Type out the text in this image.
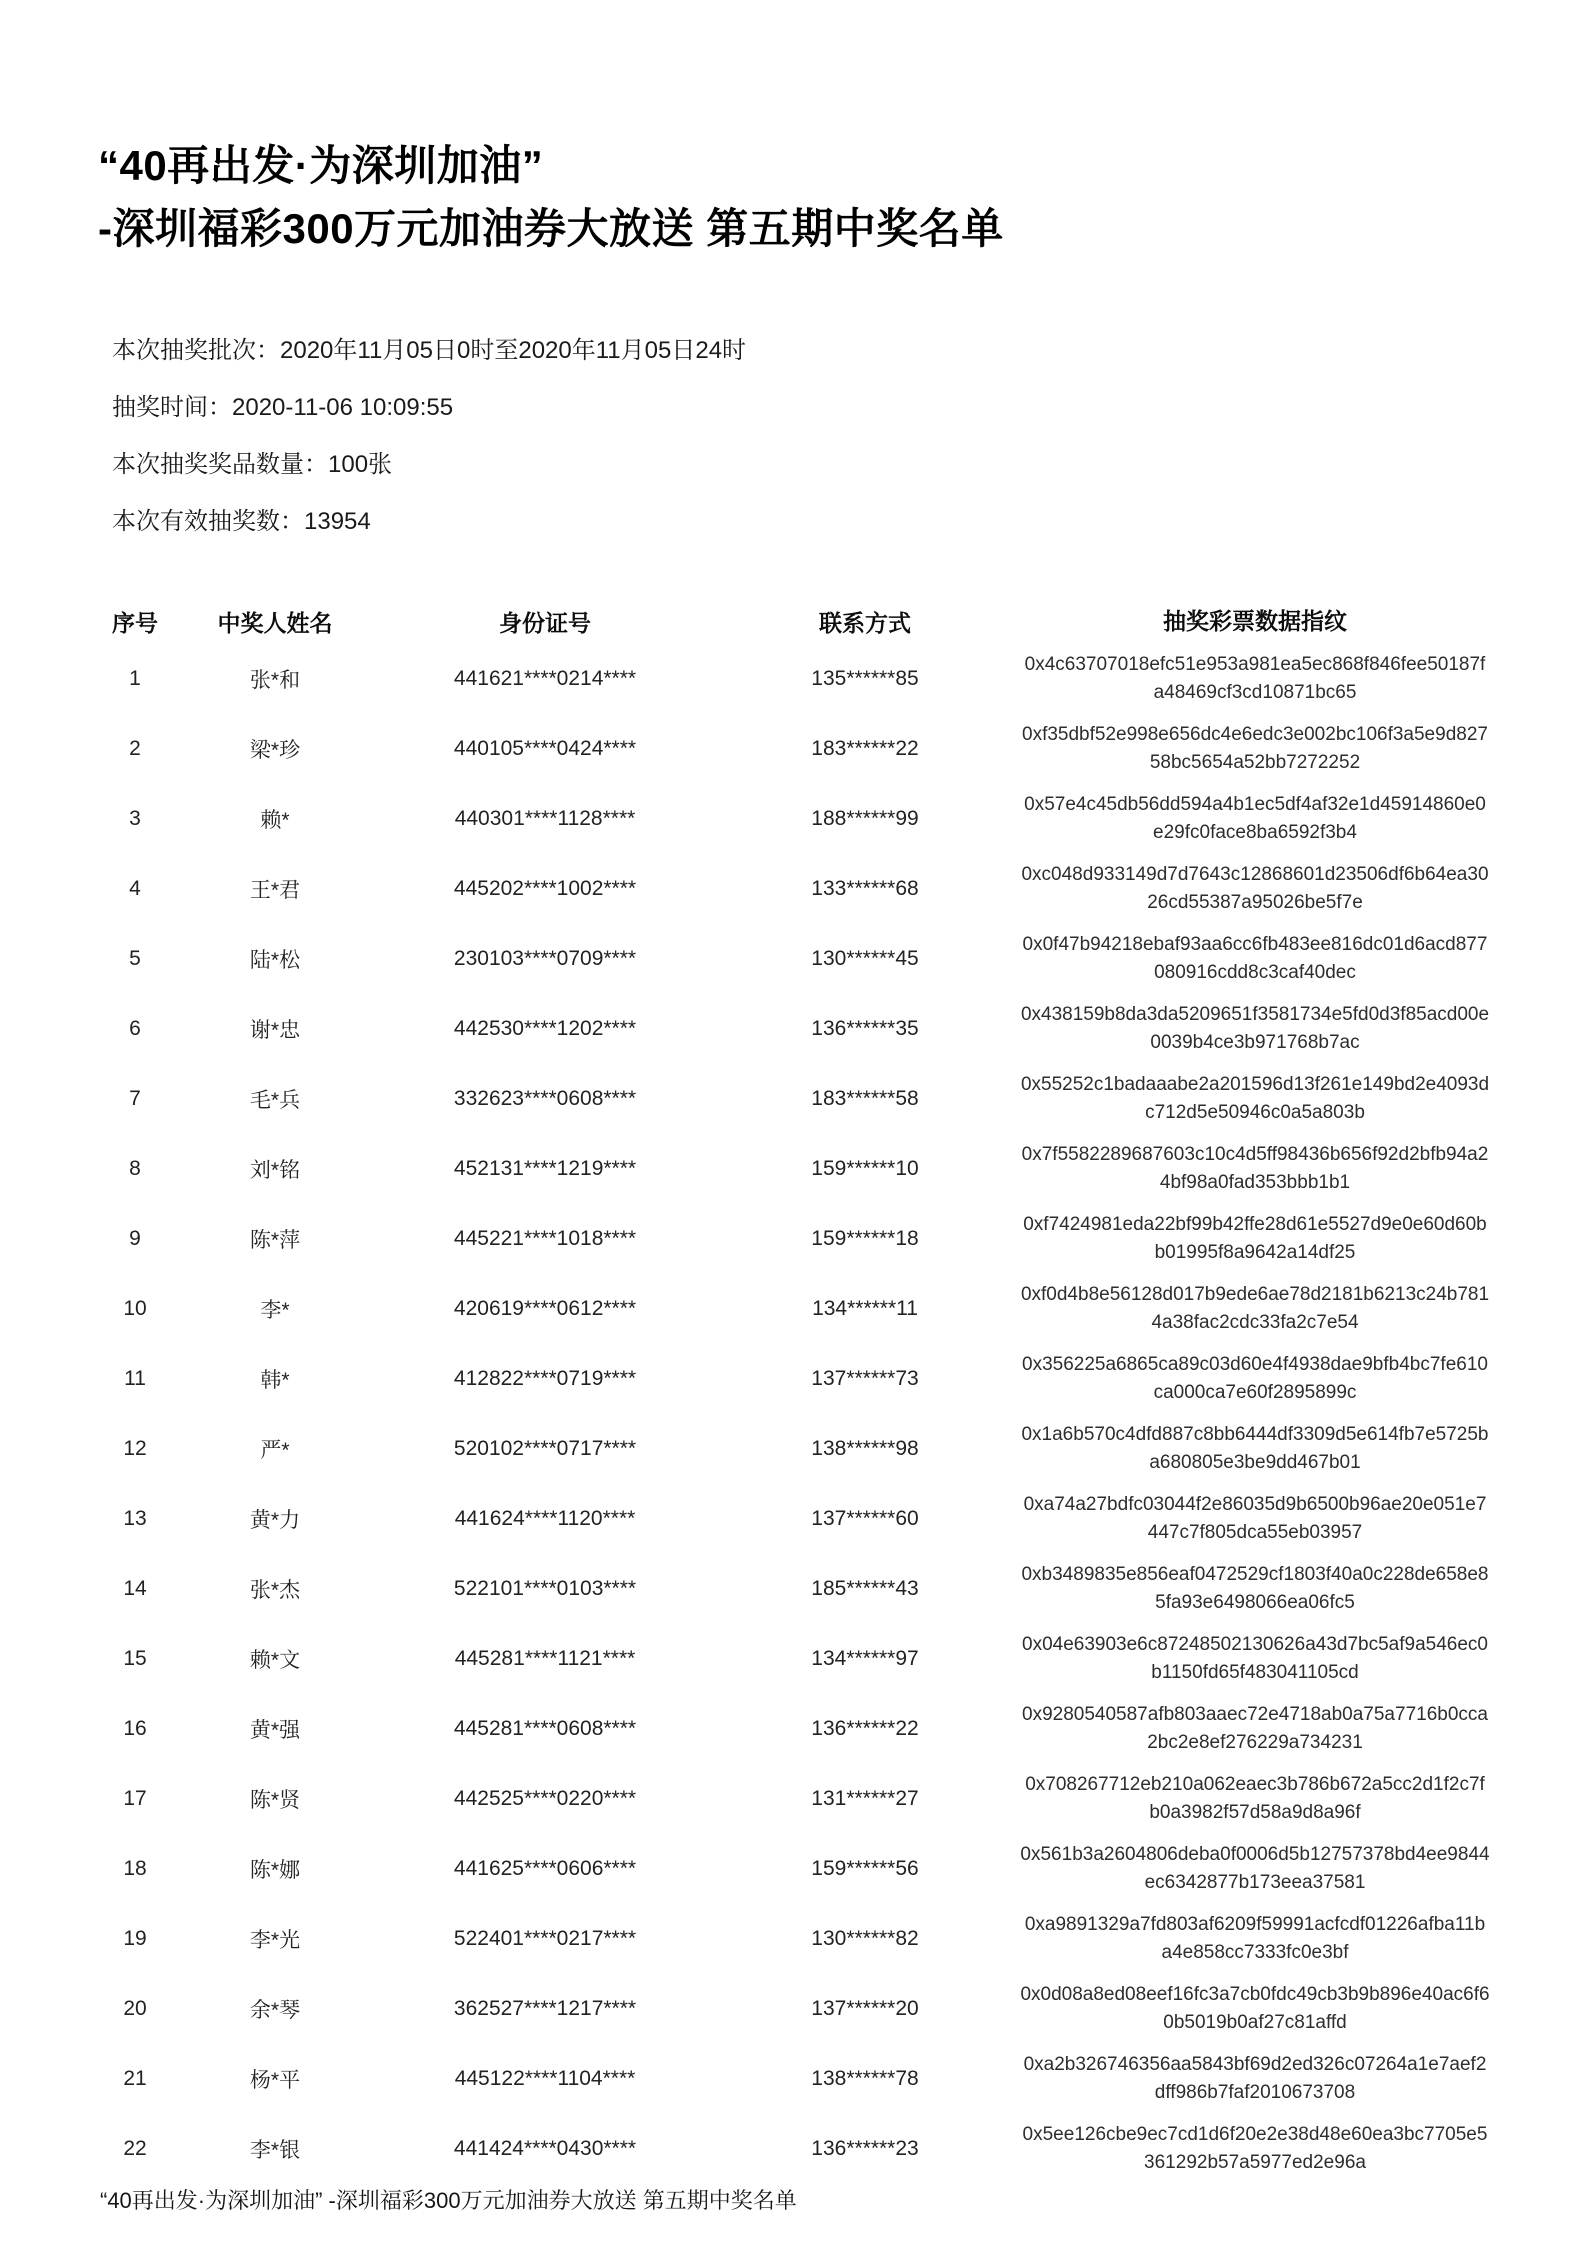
“40再出发·为深圳加油”
-深圳福彩300万元加油券大放送 第五期中奖名单
本次抽奖批次：2020年11月05日0时至2020年11月05日24时
抽奖时间：2020-11-06 10:09:55
本次抽奖奖品数量：100张
本次有效抽奖数：13954
序号	中奖人姓名	身份证号	联系方式	抽奖彩票数据指纹
1	张*和	441621****0214****	135******85
0x4c63707018efc51e953a981ea5ec868f846fee50187fa48469cf3cd10871bc65
2	梁*珍	440105****0424****	183******22
0xf35dbf52e998e656dc4e6edc3e002bc106f3a5e9d82758bc5654a52bb7272252
3	赖*	440301****1128****	188******99
0x57e4c45db56dd594a4b1ec5df4af32e1d45914860e0e29fc0face8ba6592f3b4
4	王*君	445202****1002****	133******68
0xc048d933149d7d7643c12868601d23506df6b64ea3026cd55387a95026be5f7e
5	陆*松	230103****0709****	130******45
0x0f47b94218ebaf93aa6cc6fb483ee816dc01d6acd877080916cdd8c3caf40dec
6	谢*忠	442530****1202****	136******35
0x438159b8da3da5209651f3581734e5fd0d3f85acd00e0039b4ce3b971768b7ac
7	毛*兵	332623****0608****	183******58
0x55252c1badaaabe2a201596d13f261e149bd2e4093dc712d5e50946c0a5a803b
8	刘*铭	452131****1219****	159******10
0x7f5582289687603c10c4d5ff98436b656f92d2bfb94a24bf98a0fad353bbb1b1
9	陈*萍	445221****1018****	159******18
0xf7424981eda22bf99b42ffe28d61e5527d9e0e60d60bb01995f8a9642a14df25
10	李*	420619****0612****	134******11
0xf0d4b8e56128d017b9ede6ae78d2181b6213c24b7814a38fac2cdc33fa2c7e54
11	韩*	412822****0719****	137******73
0x356225a6865ca89c03d60e4f4938dae9bfb4bc7fe610ca000ca7e60f2895899c
12	严*	520102****0717****	138******98
0x1a6b570c4dfd887c8bb6444df3309d5e614fb7e5725ba680805e3be9dd467b01
13	黄*力	441624****1120****	137******60
0xa74a27bdfc03044f2e86035d9b6500b96ae20e051e7447c7f805dca55eb03957
14	张*杰	522101****0103****	185******43
0xb3489835e856eaf0472529cf1803f40a0c228de658e85fa93e6498066ea06fc5
15	赖*文	445281****1121****	134******97
0x04e63903e6c87248502130626a43d7bc5af9a546ec0b1150fd65f483041105cd
16	黄*强	445281****0608****	136******22
0x9280540587afb803aaec72e4718ab0a75a7716b0cca2bc2e8ef276229a734231
17	陈*贤	442525****0220****	131******27
0x708267712eb210a062eaec3b786b672a5cc2d1f2c7fb0a3982f57d58a9d8a96f
18	陈*娜	441625****0606****	159******56
0x561b3a2604806deba0f0006d5b12757378bd4ee9844ec6342877b173eea37581
19	李*光	522401****0217****	130******82
0xa9891329a7fd803af6209f59991acfcdf01226afba11ba4e858cc7333fc0e3bf
20	余*琴	362527****1217****	137******20
0x0d08a8ed08eef16fc3a7cb0fdc49cb3b9b896e40ac6f60b5019b0af27c81affd
21	杨*平	445122****1104****	138******78
0xa2b326746356aa5843bf69d2ed326c07264a1e7aef2dff986b7faf2010673708
22	李*银	441424****0430****	136******23
0x5ee126cbe9ec7cd1d6f20e2e38d48e60ea3bc7705e5361292b57a5977ed2e96a
“40再出发·为深圳加油” -深圳福彩300万元加油券大放送 第五期中奖名单
